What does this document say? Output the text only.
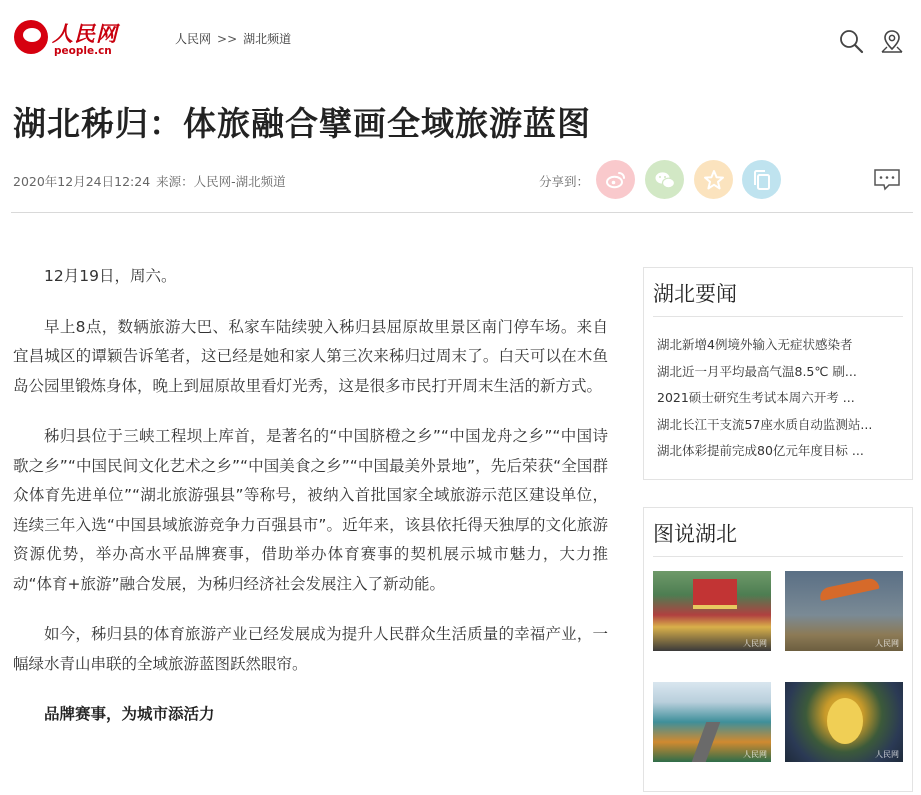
人民网
people.cn
人民网 >> 湖北频道
湖北秭归：体旅融合擘画全域旅游蓝图
2020年12月24日12:24 来源：人民网-湖北频道	分享到：

12月19日，周六。

早上8点，数辆旅游大巴、私家车陆续驶入秭归县屈原故里景区南门停车场。来自宜昌城区的谭颖告诉笔者，这已经是她和家人第三次来秭归过周末了。白天可以在木鱼岛公园里锻炼身体，晚上到屈原故里看灯光秀，这是很多市民打开周末生活的新方式。

秭归县位于三峡工程坝上库首，是著名的“中国脐橙之乡”“中国龙舟之乡”“中国诗歌之乡”“中国民间文化艺术之乡”“中国美食之乡”“中国最美外景地”，先后荣获“全国群众体育先进单位”“湖北旅游强县”等称号，被纳入首批国家全域旅游示范区建设单位，连续三年入选“中国县域旅游竞争力百强县市”。近年来，该县依托得天独厚的文化旅游资源优势，举办高水平品牌赛事，借助举办体育赛事的契机展示城市魅力，大力推动“体育+旅游”融合发展，为秭归经济社会发展注入了新动能。

如今，秭归县的体育旅游产业已经发展成为提升人民群众生活质量的幸福产业，一幅绿水青山串联的全域旅游蓝图跃然眼帘。

品牌赛事，为城市添活力

湖北要闻
湖北新增4例境外输入无症状感染者
湖北近一月平均最高气温8.5℃ 刷...
2021硕士研究生考试本周六开考 ...
湖北长江干支流57座水质自动监测站...
湖北体彩提前完成80亿元年度目标 ...
图说湖北
人民网	人民网
人民网	人民网
